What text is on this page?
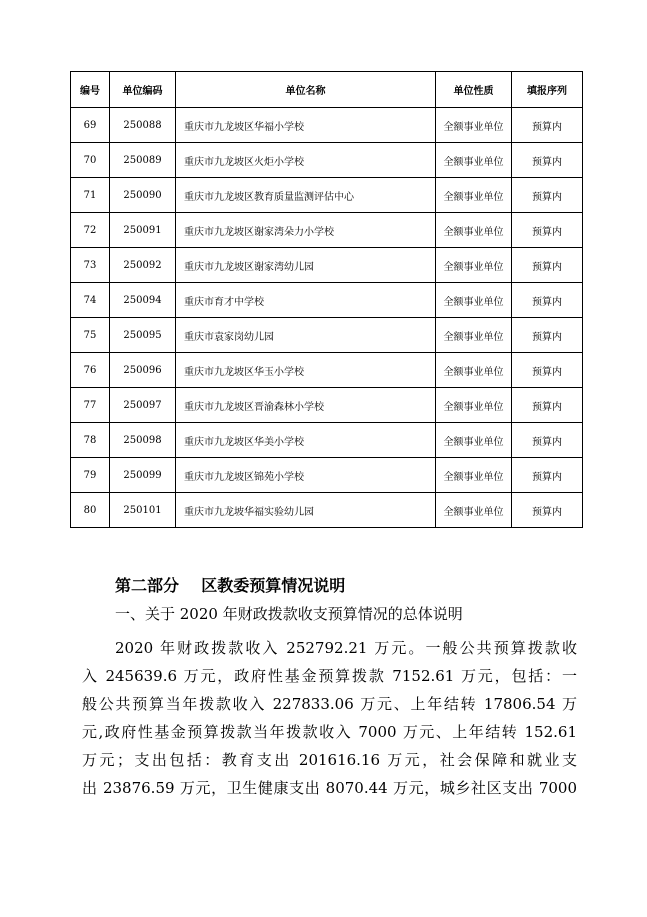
编号	单位编码	单位名称	单位性质	填报序列
69	250088	重庆市九龙坡区华福小学校	全额事业单位	预算内
70	250089	重庆市九龙坡区火炬小学校	全额事业单位	预算内
71	250090	重庆市九龙坡区教育质量监测评估中心	全额事业单位	预算内
72	250091	重庆市九龙坡区谢家湾朵力小学校	全额事业单位	预算内
73	250092	重庆市九龙坡区谢家湾幼儿园	全额事业单位	预算内
74	250094	重庆市育才中学校	全额事业单位	预算内
75	250095	重庆市袁家岗幼儿园	全额事业单位	预算内
76	250096	重庆市九龙坡区华玉小学校	全额事业单位	预算内
77	250097	重庆市九龙坡区晋渝森林小学校	全额事业单位	预算内
78	250098	重庆市九龙坡区华美小学校	全额事业单位	预算内
79	250099	重庆市九龙坡区锦苑小学校	全额事业单位	预算内
80	250101	重庆市九龙坡华福实验幼儿园	全额事业单位	预算内
第二部分    区教委预算情况说明
一、关于 2020 年财政拨款收支预算情况的总体说明
2020 年财政拨款收入 252792.21 万元。一般公共预算拨款收
入 245639.6 万元，政府性基金预算拨款 7152.61 万元，包括：一
般公共预算当年拨款收入 227833.06 万元、上年结转 17806.54 万
元,政府性基金预算拨款当年拨款收入 7000 万元、上年结转 152.61
万元；支出包括：教育支出 201616.16 万元，社会保障和就业支
出 23876.59 万元，卫生健康支出 8070.44 万元，城乡社区支出 7000
